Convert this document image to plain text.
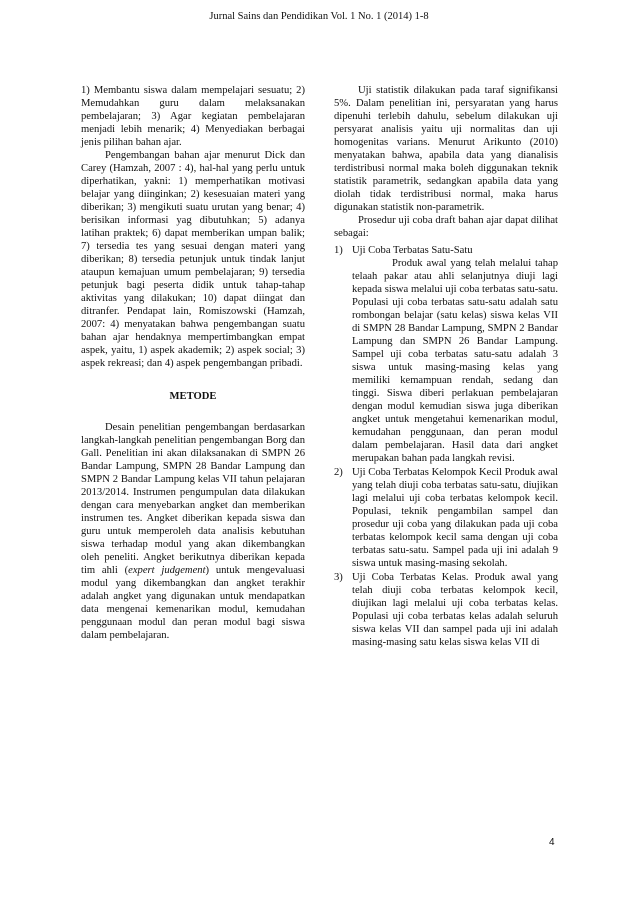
Jurnal Sains dan Pendidikan Vol. 1 No. 1 (2014) 1-8

1) Membantu siswa dalam mempelajari sesuatu; 2) Memudahkan guru dalam melaksanakan pembelajaran; 3) Agar kegiatan pembelajaran menjadi lebih menarik; 4) Menyediakan berbagai jenis pilihan bahan ajar.

Pengembangan bahan ajar menurut Dick dan Carey (Hamzah, 2007 : 4), hal-hal yang perlu untuk diperhatikan, yakni: 1) memperhatikan motivasi belajar yang diinginkan; 2) kesesuaian materi yang diberikan; 3) mengikuti suatu urutan yang benar; 4) berisikan informasi yag dibutuhkan; 5) adanya latihan praktek; 6) dapat memberikan umpan balik; 7) tersedia tes yang sesuai dengan materi yang diberikan; 8) tersedia petunjuk untuk tindak lanjut ataupun kemajuan umum pembelajaran; 9) tersedia petunjuk bagi peserta didik untuk tahap-tahap aktivitas yang dilakukan; 10) dapat diingat dan ditranfer. Pendapat lain, Romiszowski (Hamzah, 2007: 4) menyatakan bahwa pengembangan suatu bahan ajar hendaknya mempertimbangkan empat aspek, yaitu, 1) aspek akademik; 2) aspek social; 3) aspek rekreasi; dan 4) aspek pengembangan pribadi.

METODE

Desain penelitian pengembangan berdasarkan langkah-langkah penelitian pengembangan Borg dan Gall. Penelitian ini akan dilaksanakan di SMPN 26 Bandar Lampung, SMPN 28 Bandar Lampung dan SMPN 2 Bandar Lampung kelas VII tahun pelajaran 2013/2014. Instrumen pengumpulan data dilakukan dengan cara menyebarkan angket dan memberikan instrumen tes. Angket diberikan kepada siswa dan guru untuk memperoleh data analisis kebutuhan siswa terhadap modul yang akan dikembangkan oleh peneliti. Angket berikutnya diberikan kepada tim ahli (expert judgement) untuk mengevaluasi modul yang dikembangkan dan angket terakhir adalah angket yang digunakan untuk mendapatkan data mengenai kemenarikan modul, kemudahan penggunaan modul dan peran modul bagi siswa dalam pembelajaran.

Uji statistik dilakukan pada taraf signifikansi 5%. Dalam penelitian ini, persyaratan yang harus dipenuhi terlebih dahulu, sebelum dilakukan uji persyarat analisis yaitu uji normalitas dan uji homogenitas varians. Menurut Arikunto (2010) menyatakan bahwa, apabila data yang dianalisis terdistribusi normal maka boleh diggunakan teknik statistik parametrik, sedangkan apabila data yang diolah tidak terdistribusi normal, maka harus digunakan statistik non-parametrik.

Prosedur uji coba draft bahan ajar dapat dilihat sebagai:

1) Uji Coba Terbatas Satu-Satu
Produk awal yang telah melalui tahap telaah pakar atau ahli selanjutnya diuji lagi kepada siswa melalui uji coba terbatas satu-satu. Populasi uji coba terbatas satu-satu adalah satu rombongan belajar (satu kelas) siswa kelas VII di SMPN 28 Bandar Lampung, SMPN 2 Bandar Lampung dan SMPN 26 Bandar Lampung. Sampel uji coba terbatas satu-satu adalah 3 siswa untuk masing-masing kelas yang memiliki kemampuan rendah, sedang dan tinggi. Siswa diberi perlakuan pembelajaran dengan modul kemudian siswa juga diberikan angket untuk mengetahui kemenarikan modul, kemudahan penggunaan, dan peran modul dalam pembelajaran. Hasil data dari angket merupakan bahan pada langkah revisi.
2) Uji Coba Terbatas Kelompok Kecil Produk awal yang telah diuji coba terbatas satu-satu, diujikan lagi melalui uji coba terbatas kelompok kecil. Populasi, teknik pengambilan sampel dan prosedur uji coba yang dilakukan pada uji coba terbatas kelompok kecil sama dengan uji coba terbatas satu-satu. Sampel pada uji ini adalah 9 siswa untuk masing-masing sekolah.
3) Uji Coba Terbatas Kelas. Produk awal yang telah diuji coba terbatas kelompok kecil, diujikan lagi melalui uji coba terbatas kelas. Populasi uji coba terbatas kelas adalah seluruh siswa kelas VII dan sampel pada uji ini adalah masing-masing satu kelas siswa kelas VII di
4
